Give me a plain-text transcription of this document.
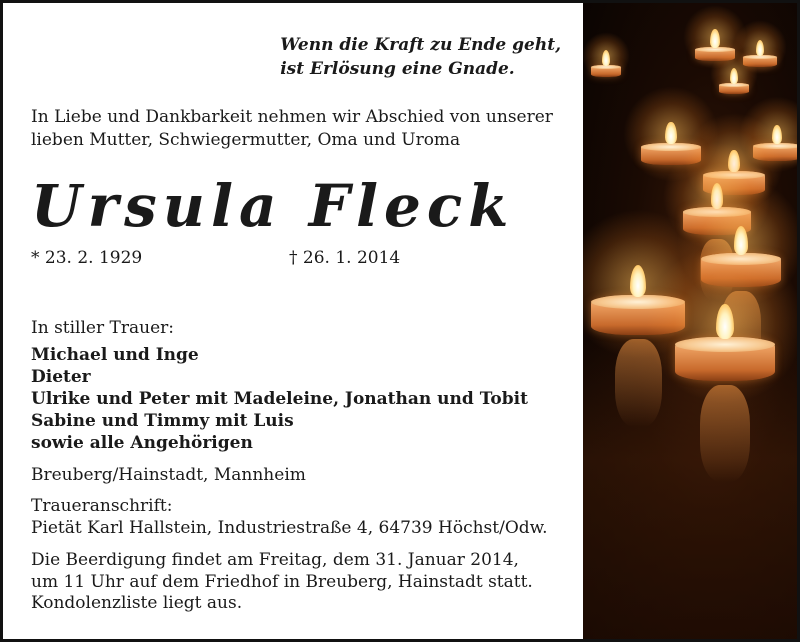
Wenn die Kraft zu Ende geht,
ist Erlösung eine Gnade.
In Liebe und Dankbarkeit nehmen wir Abschied von unserer
lieben Mutter, Schwiegermutter, Oma und Uroma
Ursula Fleck
* 23. 2. 1929	† 26. 1. 2014
In stiller Trauer:
Michael und Inge
Dieter
Ulrike und Peter mit Madeleine, Jonathan und Tobit
Sabine und Timmy mit Luis
sowie alle Angehörigen
Breuberg/Hainstadt, Mannheim
Traueranschrift:
Pietät Karl Hallstein, Industriestraße 4, 64739 Höchst/Odw.
Die Beerdigung findet am Freitag, dem 31. Januar 2014,
um 11 Uhr auf dem Friedhof in Breuberg, Hainstadt statt.
Kondolenzliste liegt aus.
